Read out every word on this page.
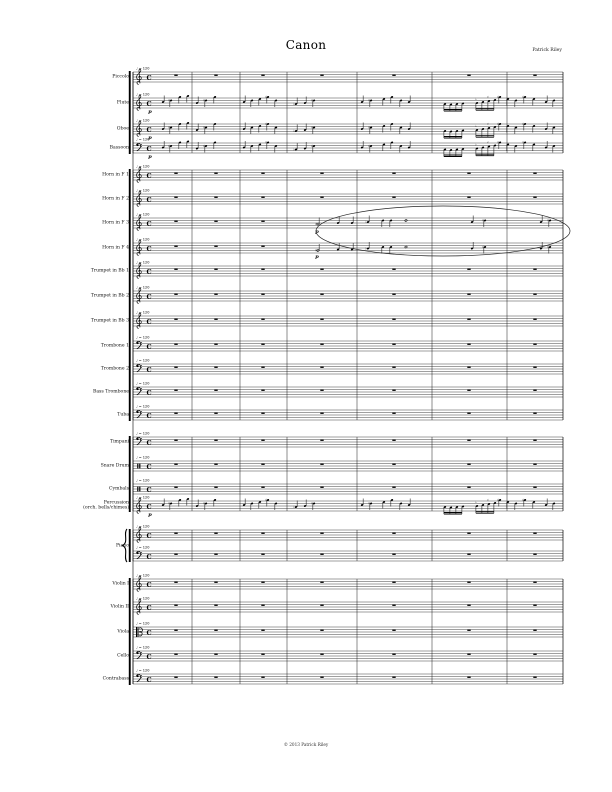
Canon	Patrick Riley
© 2013 Patrick Riley
C
♩ = 120
C
♩ = 120
♯	♯
♯
♭
♯	♯
♯	♯
♭	♯
p
C
♩ = 120
♯	♯
♯
♭
♯	♯
♯	♯
♭	♯
p
C
♩ = 120
♯	♯
♯
♭
♯	♯
♯	♯
♭	♯
p
C
♩ = 120
C
♩ = 120
C
♩ = 120
♯	♭	♯	♯
p
C
♩ = 120
♯	♭	♯	♯
p
C
♩ = 120
C
♩ = 120
C
♩ = 120
C
♩ = 120
C
♩ = 120
C
♩ = 120
C
♩ = 120
C
♩ = 120
C
♩ = 120
C
♩ = 120
C
♩ = 120
♯	♯
♯
♭
♯	♯
♯	♯
♭	♯
p
C
♩ = 120
C
♩ = 120
C
♩ = 120
C
♩ = 120
C
♩ = 120
C
♩ = 120
C
♩ = 120
Piccolo
Flute
Oboe
Bassoon
Horn in F 1
Horn in F 2
Horn in F 3
Horn in F 4
Trumpet in Bb 1
Trumpet in Bb 2
Trumpet in Bb 3
Trombone 1
Trombone 2
Bass Trombone
Tuba
Timpani
Snare Drum
Cymbals
Percussion
(orch. bells/chimes)
Piano
Violin I
Violin II
Viola
Cello
Contrabass
